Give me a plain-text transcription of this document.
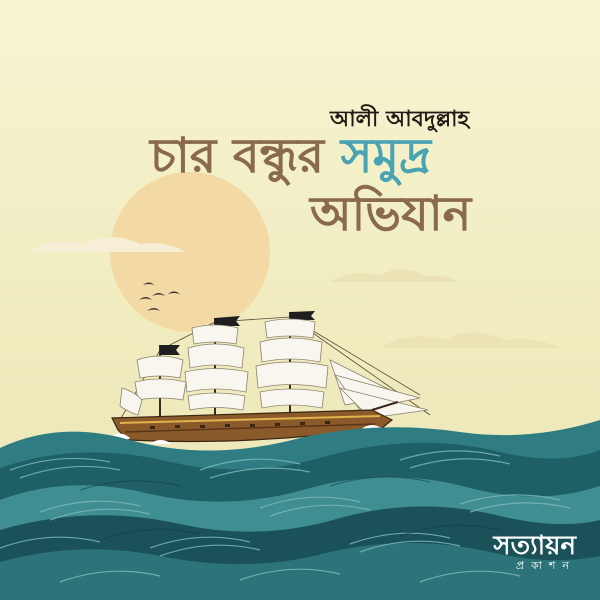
আলী আবদুল্লাহ
চার বন্ধুর সমুদ্র
অভিযান
সত্যায়ন
প্রকাশন
